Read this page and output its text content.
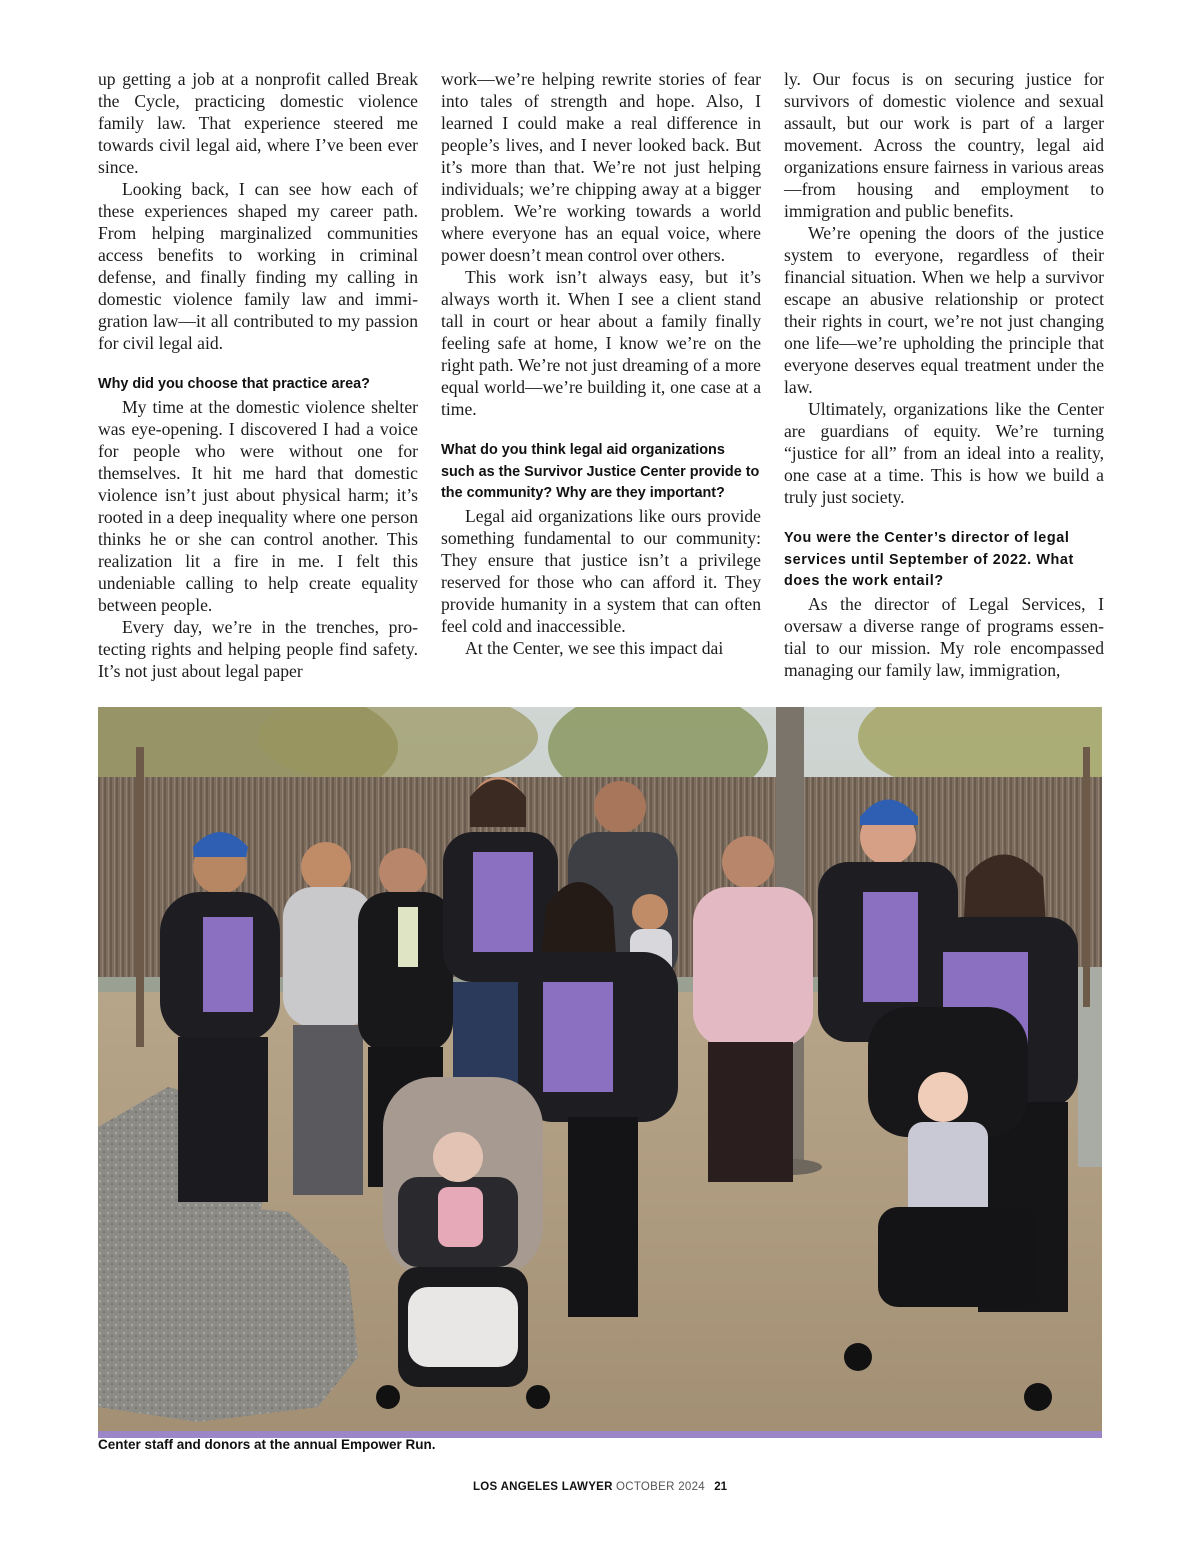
up getting a job at a nonprofit called Break the Cycle, practicing domestic violence family law. That experience steered me towards civil legal aid, where I’ve been ever since.

Looking back, I can see how each of these experiences shaped my career path. From helping marginalized communities access benefits to working in criminal defense, and finally finding my calling in domestic violence family law and immigration law—it all contributed to my passion for civil legal aid.

Why did you choose that practice area?

My time at the domestic violence shelter was eye-opening. I discovered I had a voice for people who were without one for themselves. It hit me hard that domestic violence isn’t just about physical harm; it’s rooted in a deep inequality where one person thinks he or she can control another. This realization lit a fire in me. I felt this undeniable calling to help create equality between people.

Every day, we’re in the trenches, protecting rights and helping people find safety. It’s not just about legal paper

work—we’re helping rewrite stories of fear into tales of strength and hope. Also, I learned I could make a real difference in people’s lives, and I never looked back. But it’s more than that. We’re not just helping individuals; we’re chipping away at a bigger problem. We’re working towards a world where everyone has an equal voice, where power doesn’t mean control over others.

This work isn’t always easy, but it’s always worth it. When I see a client stand tall in court or hear about a family finally feeling safe at home, I know we’re on the right path. We’re not just dreaming of a more equal world—we’re building it, one case at a time.

What do you think legal aid organizations such as the Survivor Justice Center provide to the community? Why are they important?

Legal aid organizations like ours provide something fundamental to our community: They ensure that justice isn’t a privilege reserved for those who can afford it. They provide humanity in a system that can often feel cold and inaccessible.

At the Center, we see this impact dai

ly. Our focus is on securing justice for survivors of domestic violence and sexual assault, but our work is part of a larger movement. Across the country, legal aid organizations ensure fairness in various areas—from housing and employment to immigration and public benefits.

We’re opening the doors of the justice system to everyone, regardless of their financial situation. When we help a survivor escape an abusive relationship or protect their rights in court, we’re not just changing one life—we’re upholding the principle that everyone deserves equal treatment under the law.

Ultimately, organizations like the Center are guardians of equity. We’re turning “justice for all” from an ideal into a reality, one case at a time. This is how we build a truly just society.

You were the Center’s director of legal services until September of 2022. What does the work entail?

As the director of Legal Services, I oversaw a diverse range of programs essential to our mission. My role encompassed managing our family law, immigration,

Center staff and donors at the annual Empower Run.
LOS ANGELES LAWYER OCTOBER 2024 21
